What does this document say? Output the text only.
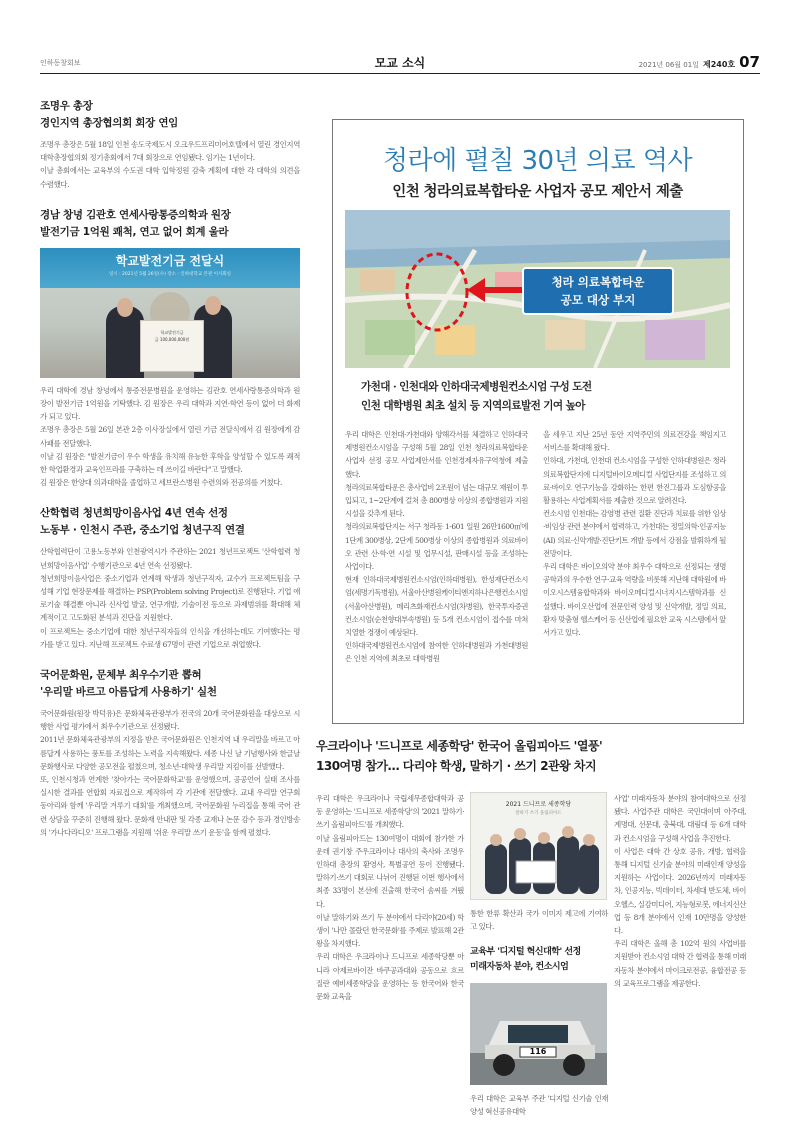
인하동창회보	모교 소식	2021년 06월 01일 제240호 07
조명우 총장
경인지역 총장협의회 회장 연임
조명우 총장은 5월 18일 인천 송도국제도시 오크우드프리미어호텔에서 열린 경인지역대학총장협의회 정기총회에서 7대 회장으로 연임됐다. 임기는 1년이다.
이날 총회에서는 교육부의 수도권 대학 입학정원 감축 계획에 대한 각 대학의 의견을 수렴했다.
경남 창녕 김관호 연세사랑통증의학과 원장
발전기금 1억원 쾌척, 연고 없어 회계 울라
학교발전기금 전달식
일시 : 2021년 5월 26일(수) 장소 : 인하대학교 본관 이사회실
학교발전기금
금 100,000,000원
우리 대학에 경남 창녕에서 통증전문병원을 운영하는 김관호 연세사랑통증의학과 원장이 발전기금 1억원을 기탁했다. 김 원장은 우리 대학과 지연·학연 등이 없어 더 화제가 되고 있다.
조명우 총장은 5월 26일 본관 2층 이사장실에서 열린 기금 전달식에서 김 원장에게 감사패를 전달했다.
이날 김 원장은 "발전기금이 우수 학생을 유치해 유능한 후학을 양성할 수 있도록 쾌적한 학업환경과 교육인프라를 구축하는 데 쓰이길 바란다"고 말했다.
김 원장은 한양대 의과대학을 졸업하고 세브란스병원 수련의와 전공의를 거쳤다.
산학협력 청년희망이음사업 4년 연속 선정
노동부 · 인천시 주관, 중소기업 청년구직 연결
산학협력단이 고용노동부와 인천광역시가 주관하는 2021 청년프로젝트 '산학협력 청년희망이음사업' 수행기관으로 4년 연속 선정됐다.
청년희망이음사업은 중소기업과 연계해 학생과 청년구직자, 교수가 프로젝트팀을 구성해 기업 현장문제를 해결하는 PSP(Problem solving Project)로 진행된다. 기업 애로기술 해결뿐 아니라 신사업 발굴, 연구개발, 기술이전 등으로 과제범위를 확대해 체계적이고 고도화된 분석과 진단을 지원한다.
이 프로젝트는 중소기업에 대한 청년구직자들의 인식을 개선하는데도 기여했다는 평가를 받고 있다. 지난해 프로젝트 수료생 67명이 관련 기업으로 취업했다.
국어문화원, 문체부 최우수기관 뽑혀
'우리말 바르고 아름답게 사용하기' 실천
국어문화원(원장 박덕유)은 문화체육관광부가 전국의 20개 국어문화원을 대상으로 시행한 사업 평가에서 최우수기관으로 선정됐다.
2011년 문화체육관광부의 지정을 받은 국어문화원은 인천지역 내 우리말을 바르고 아름답게 사용하는 풍토를 조성하는 노력을 지속해왔다. 세종 나신 날 기념행사와 한글날 문화행사로 다양한 공모전을 펼쳤으며, 청소년·대학생 우리말 지킴이를 선발했다.
또, 인천시청과 연계한 '찾아가는 국어문화학교'를 운영했으며, 공공언어 실태 조사를 실시한 결과를 연합회 자료집으로 제작하여 각 기관에 전달했다. 교내 우리말 연구회 동아리와 함께 '우리말 겨루기 대회'를 개최했으며, 국어문화원 누리집을 통해 국어 관련 상담을 꾸준히 진행해 왔다. 문화재 안내판 및 각종 교재나 논문 감수 등과 경인방송의 '가나다라디오' 프로그램을 지원해 '쉬운 우리말 쓰기 운동'을 함께 펼쳤다.
청라에 펼칠 30년 의료 역사
인천 청라의료복합타운 사업자 공모 제안서 제출
청라 의료복합타운
공모 대상 부지
가천대 · 인천대와 인하대국제병원컨소시엄 구성 도전
인천 대학병원 최초 설치 등 지역의료발전 기여 높아
우리 대학은 인천대·가천대와 양해각서를 체결하고 인하대국제병원컨소시엄을 구성해 5월 28일 인천 청라의료복합타운 사업자 선정 공모 사업제안서를 인천경제자유구역청에 제출했다.
청라의료복합타운은 총사업비 2조원이 넘는 대규모 재원이 투입되고, 1~2단계에 걸쳐 총 800병상 이상의 종합병원과 지원시설을 갖추게 된다.
청라의료복합단지는 서구 청라동 1-601 일원 26만1600㎡에 1단계 300병상, 2단계 500병상 이상의 종합병원과 의료바이오 관련 산·학·연 시설 및 업무시설, 판매시설 등을 조성하는 사업이다.
현재 인하대국제병원컨소시엄(인하대병원), 한성재단컨소시엄(세명기독병원), 서울아산병원케이티엔지하나은행컨소시엄(서울아산병원), 메리츠화재컨소시엄(차병원), 한국투자증권컨소시엄(순천향대부속병원) 등 5개 컨소시엄이 접수를 마쳐 치열한 경쟁이 예상된다.
인하대국제병원컨소시엄에 참여한 인하대병원과 가천대병원은 인천 지역에 최초로 대학병원
을 세우고 지난 25년 동안 지역주민의 의료건강을 책임지고 서비스를 확대해 왔다.
인하대, 가천대, 인천대 컨소시엄을 구성한 인하대병원은 청라의료복합단지에 디지털바이오메디컬 사업단지를 조성하고 의료·바이오 연구기능을 강화하는 한편 한진그룹과 도심항공을 활용하는 사업계획서를 제출한 것으로 알려진다.
컨소시엄 인천대는 감염병 관련 질환 진단과 치료를 위한 임상·비임상 관련 분야에서 협력하고, 가천대는 정밀의학·인공지능(AI) 의료·신약개발·진단키트 개발 등에서 강점을 발휘하게 될 전망이다.
우리 대학은 바이오의약 분야 최우수 대학으로 선정되는 생명공학과의 우수한 연구·교육 역량을 비롯해 지난해 대학원에 바이오시스템융합학과와 바이오메디컬시너지시스템학과를 신설했다. 바이오산업에 전문인력 양성 및 신약개발, 정밀 의료, 환자 맞춤형 헬스케어 등 신산업에 필요한 교육 시스템에서 앞서가고 있다.
우크라이나 '드니프로 세종학당' 한국어 올림피아드 '열풍'
130여명 참가… 다리야 학생, 말하기 · 쓰기 2관왕 차지
우리 대학은 우크라이나 국립세무종합대학과 공동 운영하는 '드니프로 세종학당'의 '2021 말하기·쓰기 올림피아드'를 개최했다.
이날 올림피아드는 130여명이 대회에 참가한 가운데 권기창 주우크라이나 대사의 축사와 조명우 인하대 총장의 환영사, 특별공연 등이 진행됐다. 말하기·쓰기 대회로 나뉘어 진행된 이번 행사에서 최종 33명이 본선에 진출해 한국어 솜씨를 겨뤘다.
이날 말하기와 쓰기 두 분야에서 다리야(20세) 학생이 '나만 몰랐던 한국문화'를 주제로 발표해 2관왕을 차지했다.
우리 대학은 우크라이나 드니프로 세종학당뿐 아니라 아제르바이잔 바쿠공과대와 공동으로 흐르질란 예비세종학당을 운영하는 등 한국어와 한국문화 교육을
2021 드니프로 세종학당
말하기 쓰기 올림피아드
통한 한류 확산과 국가 이미지 제고에 기여하고 있다.
교육부 '디지털 혁신대학' 선정
미래자동차 분야, 컨소시엄
116
우리 대학은 교육부 주관 '디지털 신기술 인재양성 혁신공유대학
사업' 미래자동차 분야의 참여대학으로 선정됐다. 사업주관 대학은 국민대이며 아주대, 계명대, 선문대, 충북대, 대림대 등 6개 대학과 컨소시엄을 구성해 사업을 추진한다.
이 사업은 대학 간 상호 공유, 개방, 협력을 통해 디지털 신기술 분야의 미래인재 양성을 지원하는 사업이다. 2026년까지 미래자동차, 인공지능, 빅데이터, 차세대 반도체, 바이오헬스, 실감미디어, 지능형로봇, 에너지신산업 등 8개 분야에서 인재 10만명을 양성한다.
우리 대학은 올해 총 102억 원의 사업비를 지원받아 컨소시엄 대학 간 협력을 통해 미래자동차 분야에서 마이크로전공, 융합전공 등의 교육프로그램을 제공한다.
